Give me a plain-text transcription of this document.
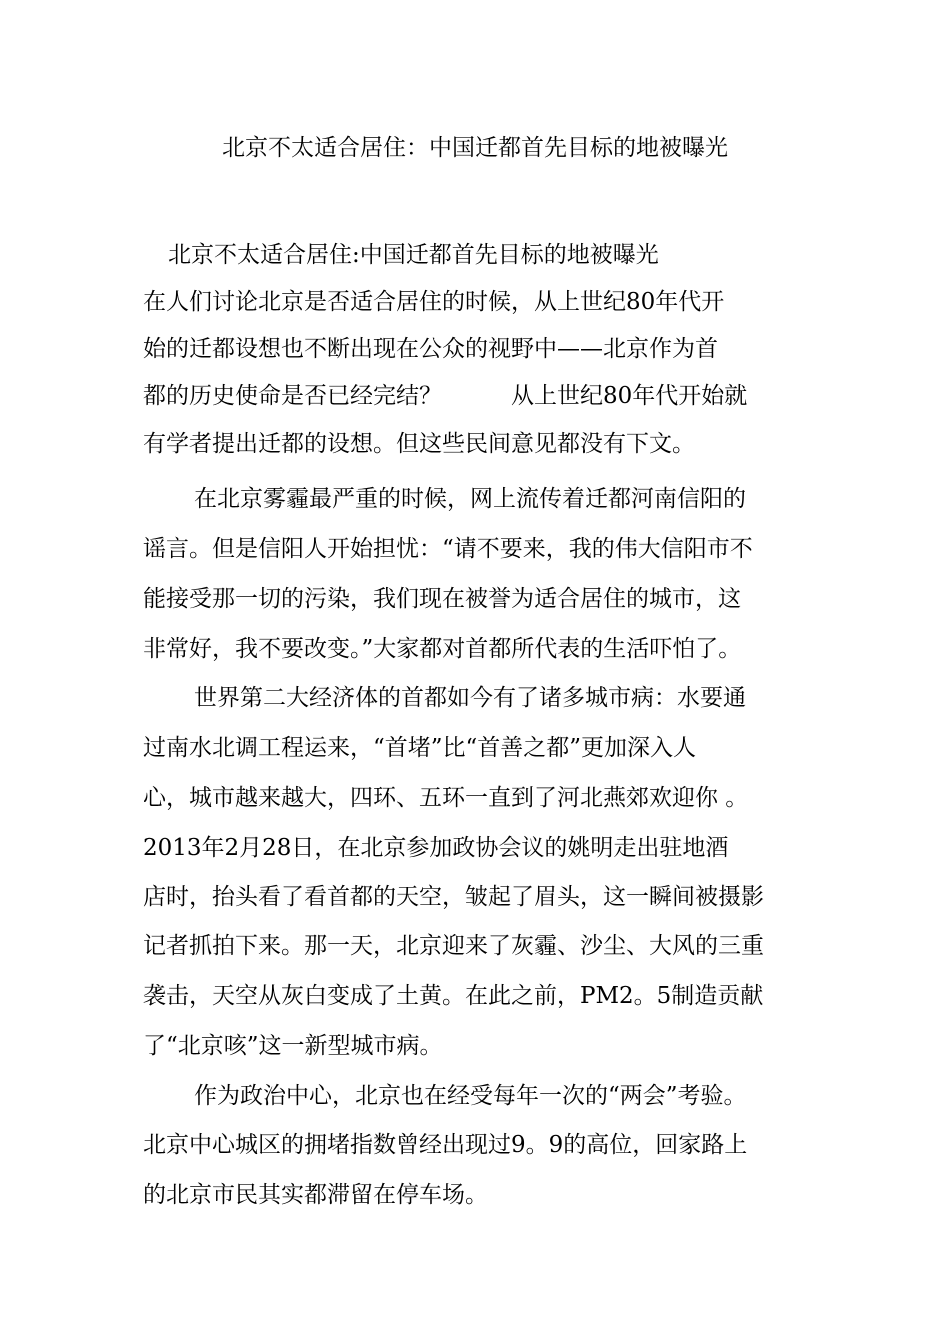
北京不太适合居住：中国迁都首先目标的地被曝光
北京不太适合居住:中国迁都首先目标的地被曝光
在人们讨论北京是否适合居住的时候，从上世纪80年代开
始的迁都设想也不断出现在公众的视野中——北京作为首
都的历史使命是否已经完结？　　　从上世纪80年代开始就
有学者提出迁都的设想。但这些民间意见都没有下文。
在北京雾霾最严重的时候，网上流传着迁都河南信阳的
谣言。但是信阳人开始担忧：“请不要来，我的伟大信阳市不
能接受那一切的污染，我们现在被誉为适合居住的城市，这
非常好，我不要改变。”大家都对首都所代表的生活吓怕了。
世界第二大经济体的首都如今有了诸多城市病：水要通
过南水北调工程运来，“首堵”比“首善之都”更加深入人
心，城市越来越大，四环、五环一直到了河北燕郊欢迎你 。
2013年2月28日，在北京参加政协会议的姚明走出驻地酒
店时，抬头看了看首都的天空，皱起了眉头，这一瞬间被摄影
记者抓拍下来。那一天，北京迎来了灰霾、沙尘、大风的三重
袭击，天空从灰白变成了土黄。在此之前，PM2。5制造贡献
了“北京咳”这一新型城市病。
作为政治中心，北京也在经受每年一次的“两会”考验。
北京中心城区的拥堵指数曾经出现过9。9的高位，回家路上
的北京市民其实都滞留在停车场。
